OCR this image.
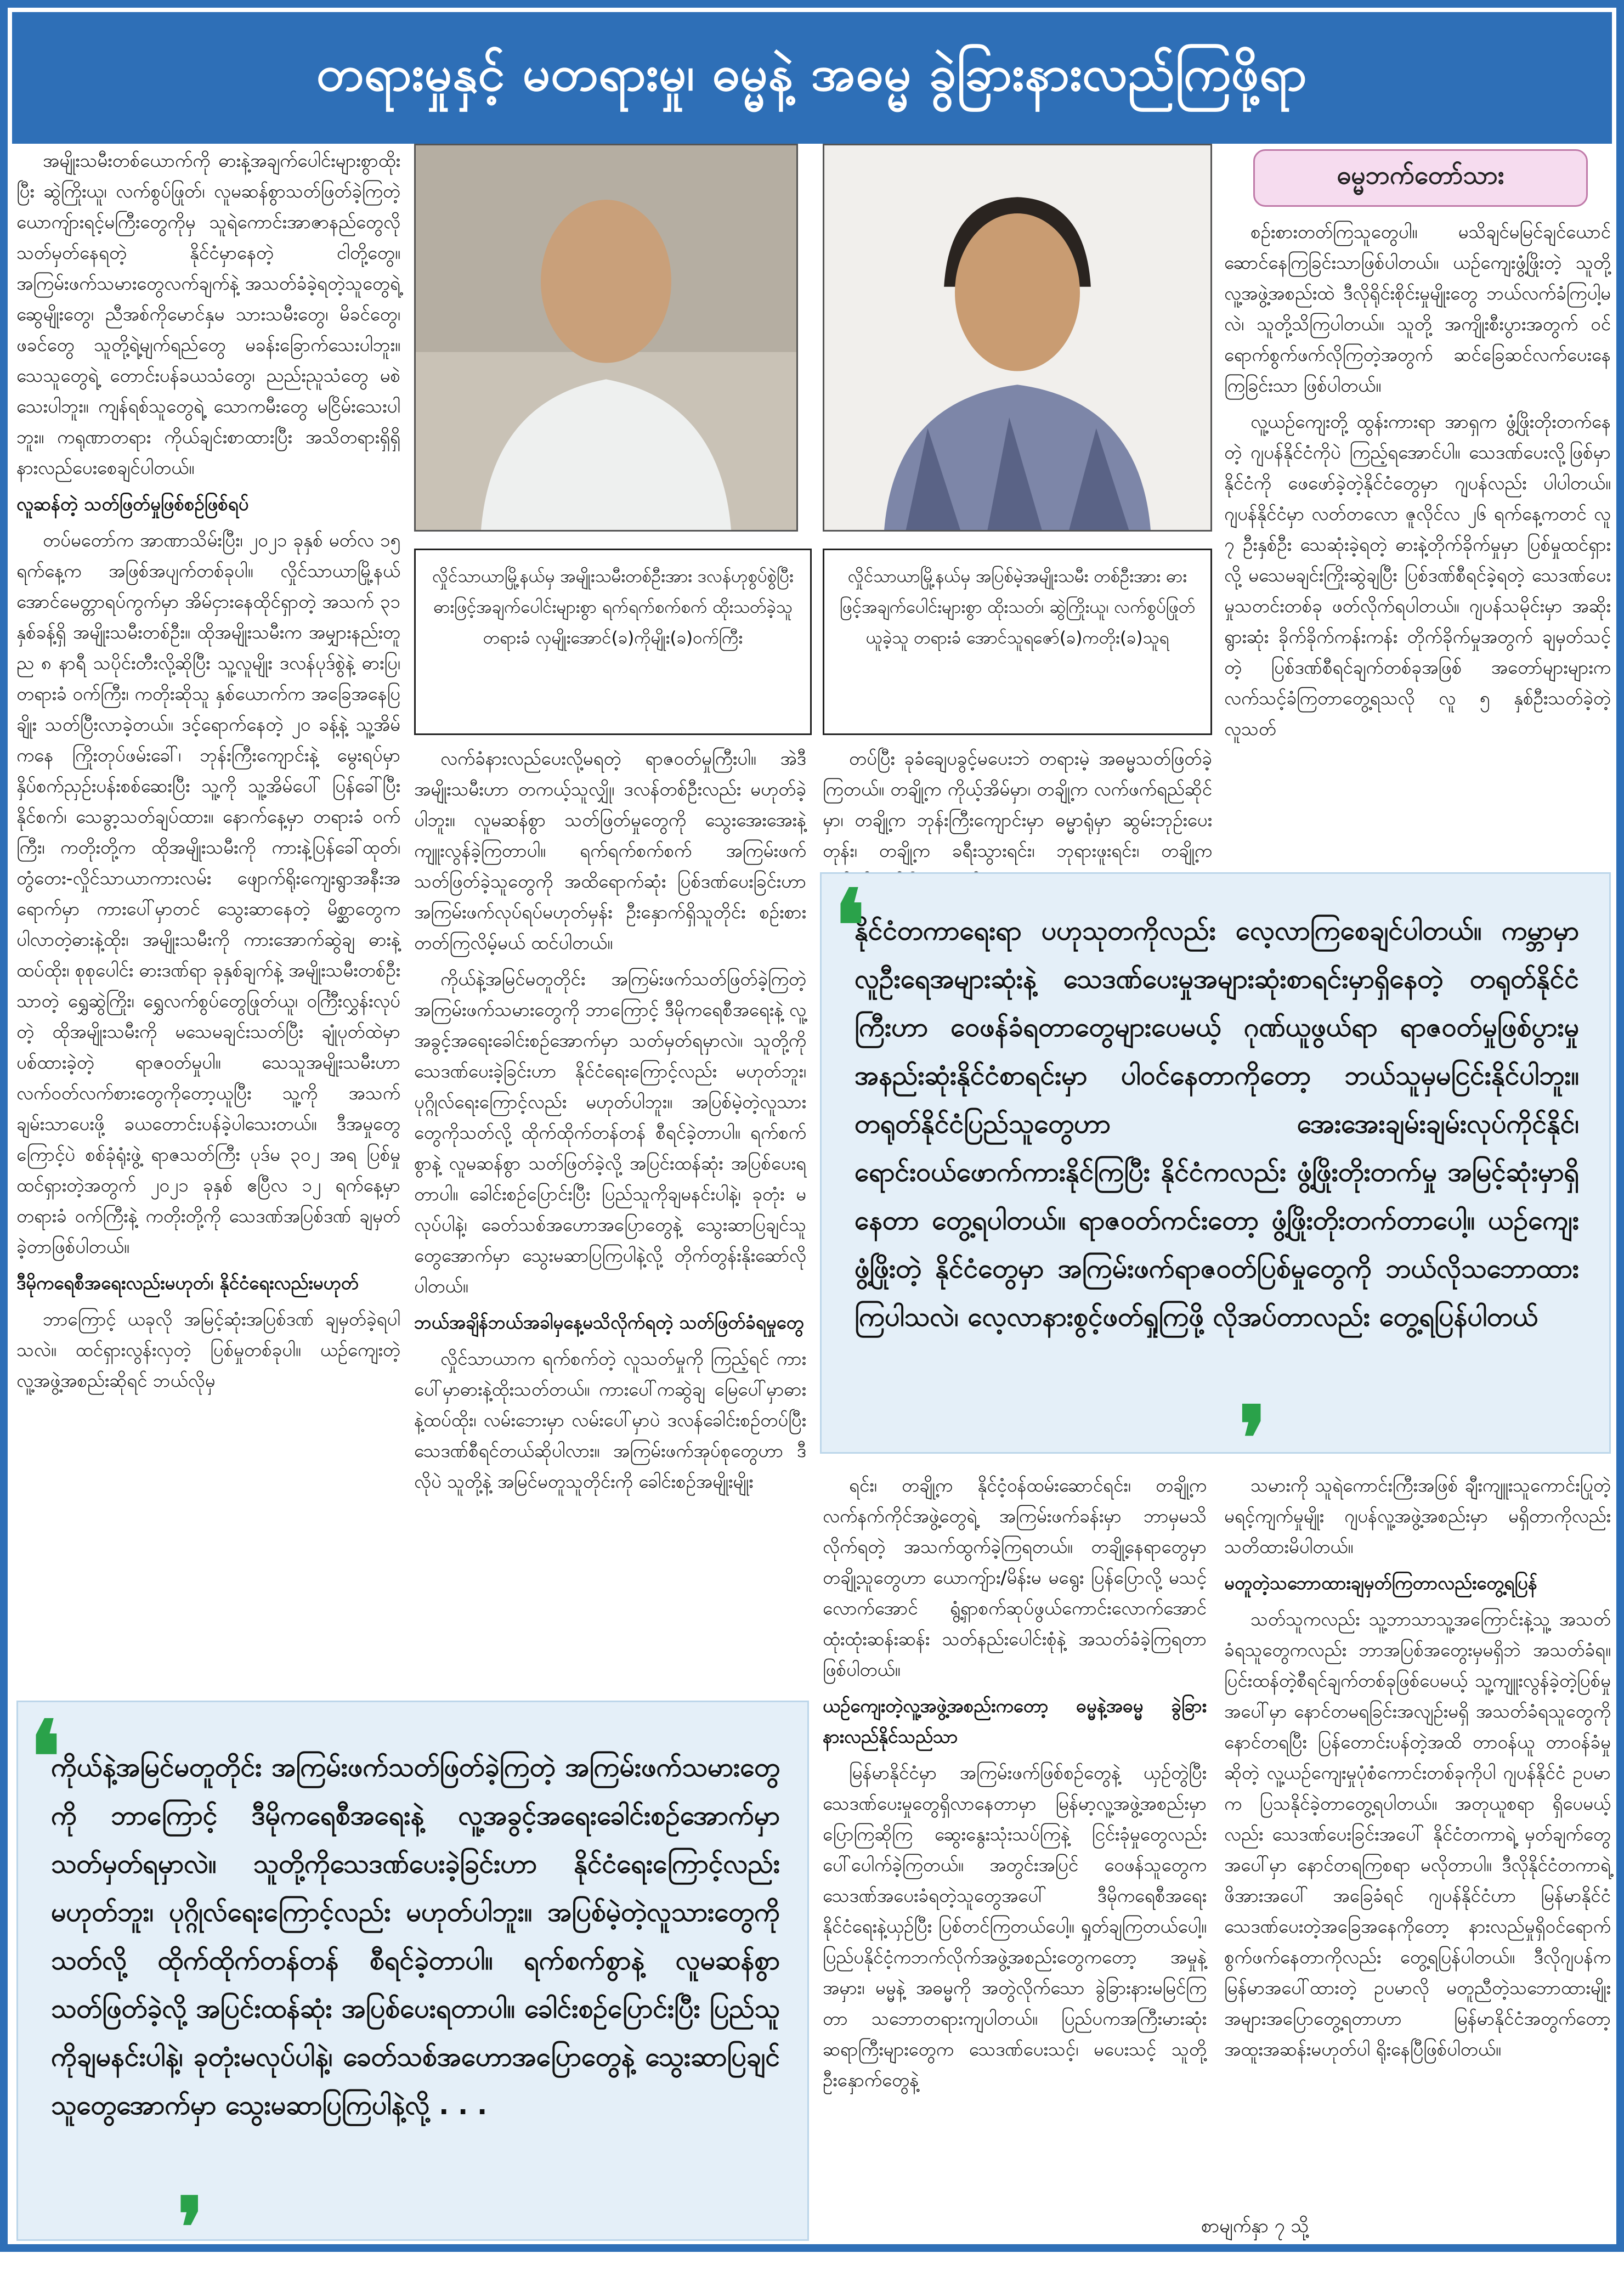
တရားမှုနှင့် မတရားမှု၊ ဓမ္မနဲ့ အဓမ္မ ခွဲခြားနားလည်ကြဖို့ရာ

အမျိုးသမီးတစ်ယောက်ကို ဓားနဲ့အချက်ပေါင်းများစွာထိုးပြီး ဆွဲကြိုးယူ၊ လက်စွပ်ဖြုတ်၊ လူမဆန်စွာသတ်ဖြတ်ခဲ့ကြတဲ့ ယောကျ်ားရင့်မကြီးတွေကိုမှ သူရဲကောင်းအာဇာနည်တွေလို သတ်မှတ်နေရတဲ့ နိုင်ငံမှာနေတဲ့ ငါတို့တွေ။ အကြမ်းဖက်သမားတွေလက်ချက်နဲ့ အသတ်ခံခဲ့ရတဲ့သူတွေရဲ့ ဆွေမျိုးတွေ၊ ညီအစ်ကိုမောင်နှမ သားသမီးတွေ၊ မိခင်တွေ၊ ဖခင်တွေ သူတို့ရဲ့မျက်ရည်တွေ မခန်းခြောက်သေးပါဘူး။ သေသူတွေရဲ့ တောင်းပန်ခယသံတွေ၊ ညည်းညူသံတွေ မစဲသေးပါဘူး။ ကျန်ရစ်သူတွေရဲ့ သောကမီးတွေ မငြိမ်းသေးပါဘူး။ ကရုဏာတရား ကိုယ်ချင်းစာထားပြီး အသိတရားရှိရှိ နားလည်ပေးစေချင်ပါတယ်။

လူဆန်တဲ့ သတ်ဖြတ်မှုဖြစ်စဉ်ဖြစ်ရပ်

တပ်မတော်က အာဏာသိမ်းပြီး၊ ၂၀၂၁ ခုနှစ် မတ်လ ၁၅ ရက်နေ့က အဖြစ်အပျက်တစ်ခုပါ။ လှိုင်သာယာမြို့နယ် အောင်မေတ္တာရပ်ကွက်မှာ အိမ်ငှားနေထိုင်ရှာတဲ့ အသက် ၃၁ နှစ်ခန့်ရှိ အမျိုးသမီးတစ်ဦး။ ထိုအမျိုးသမီးက အမျှားနည်းတူ ည ၈ နာရီ သပိုင်းတီးလို့ဆိုပြီး သူ့လူမျိုး ဒလန်ပုဒ်စွဲနဲ့ ဓားပြ၊ တရားခံ ဝက်ကြီး၊ ကတိုးဆိုသူ နှစ်ယောက်က အခြေအနေပြချိုး သတ်ပြီးလာခဲ့တယ်။ ဒင့်ရောက်နေတဲ့ ၂၀ ခန့်နဲ့ သူ့အိမ်ကနေ ကြိုးတုပ်ဖမ်းခေါ်၊ ဘုန်းကြီးကျောင်းနဲ့ မွေးရပ်မှာ နှိပ်စက်ညှဉ်းပန်းစစ်ဆေးပြီး သူ့ကို သူ့အိမ်ပေါ် ပြန်ခေါ်ပြီးနိုင်စက်၊ သေခွာ့သတ်ချပ်ထား။ နောက်နေ့မှာ တရားခံ ဝက်ကြီး၊ ကတိုးတို့က ထိုအမျိုးသမီးကို ကားနဲ့ပြန်ခေါ်ထုတ်၊ တွံတေး-လှိုင်သာယာကားလမ်း ဖျောက်ရိုးကျေးရွာအနီးအရောက်မှာ ကားပေါ်မှာတင် သွေးဆာနေတဲ့ မိစ္ဆာတွေက ပါလာတဲ့ဓားနဲ့ထိုး၊ အမျိုးသမီးကို ကားအောက်ဆွဲချ ဓားနဲ့ထပ်ထိုး၊ စုစုပေါင်း ဓားဒဏ်ရာ ခုနှစ်ချက်နဲ့ အမျိုးသမီးတစ်ဦးသာတဲ့ ရွှေဆွဲကြိုး၊ ရွှေလက်စွပ်တွေဖြုတ်ယူ၊ ဝင်္ကြီးလွှန်းလုပ်တဲ့ ထိုအမျိုးသမီးကို မသေမချင်းသတ်ပြီး ချုံပုတ်ထဲမှာ ပစ်ထားခဲ့တဲ့ ရာဇဝတ်မှုပါ။ သေသူအမျိုးသမီးဟာ လက်ဝတ်လက်စားတွေကိုတော့ယူပြီး သူ့ကို အသက်ချမ်းသာပေးဖို့ ခယတောင်းပန်ခဲ့ပါသေးတယ်။ ဒီအမှုတွေကြောင့်ပဲ စစ်ခုံရုံးဖွဲ့ ရာဇသတ်ကြီး ပုဒ်မ ၃၀၂ အရ ပြစ်မှုထင်ရှားတဲ့အတွက် ၂၀၂၁ ခုနှစ် ဧပြီလ ၁၂ ရက်နေ့မှာ တရားခံ ဝက်ကြီးနဲ့ ကတိုးတို့ကို သေဒဏ်အပြစ်ဒဏ် ချမှတ်ခဲ့တာဖြစ်ပါတယ်။

ဒီမိုကရေစီအရေးလည်းမဟုတ်၊ နိုင်ငံရေးလည်းမဟုတ်

ဘာကြောင့် ယခုလို အမြင့်ဆုံးအပြစ်ဒဏ် ချမှတ်ခဲ့ရပါသလဲ။ ထင်ရှားလွန်းလှတဲ့ ပြစ်မှုတစ်ခုပါ။ ယဉ်ကျေးတဲ့ လူ့အဖွဲ့အစည်းဆိုရင် ဘယ်လိုမှ

လှိုင်သာယာမြို့နယ်မှ အမျိုးသမီးတစ်ဦးအား ဒလန်ဟုစွပ်စွဲပြီး ဓားဖြင့်အချက်ပေါင်းများစွာ ရက်ရက်စက်စက် ထိုးသတ်ခဲ့သူ တရားခံ လှမျိုးအောင်(ခ)ကိုမျိုး(ခ)ဝက်ကြီး
လှိုင်သာယာမြို့နယ်မှ အပြစ်မဲ့အမျိုးသမီး တစ်ဦးအား ဓားဖြင့်အချက်ပေါင်းများစွာ ထိုးသတ်၊ ဆွဲကြိုးယူ၊ လက်စွပ်ဖြုတ်ယူခဲ့သူ တရားခံ အောင်သူရဇော်(ခ)ကတိုး(ခ)သူရ
ဓမ္မဘက်တော်သား

စဉ်းစားတတ်ကြသူတွေပါ။ မသိချင်မမြင်ချင်ယောင်ဆောင်နေကြခြင်းသာဖြစ်ပါတယ်။ ယဉ်ကျေးဖွံ့ဖြိုးတဲ့ သူတို့လူ့အဖွဲ့အစည်းထဲ ဒီလိုရိုင်းစိုင်းမှုမျိုးတွေ ဘယ်လက်ခံကြပါ့မလဲ၊ သူတို့သိကြပါတယ်။ သူတို့ အကျိုးစီးပွားအတွက် ဝင်ရောက်စွက်ဖက်လိုကြတဲ့အတွက် ဆင်ခြေဆင်လက်ပေးနေကြခြင်းသာ ဖြစ်ပါတယ်။

လူ့ယဉ်ကျေးတို့ ထွန်းကားရာ အာရှက ဖွံ့ဖြိုးတိုးတက်နေတဲ့ ဂျပန်နိုင်ငံကိုပဲ ကြည့်ရအောင်ပါ။ သေဒဏ်ပေးလို့ဖြစ်မှာနိုင်ငံကို ဖေဖော်ခဲ့တဲ့နိုင်ငံတွေမှာ ဂျပန်လည်း ပါပါတယ်။ ဂျပန်နိုင်ငံမှာ လတ်တလော ဇူလိုင်လ ၂၆ ရက်နေ့ကတင် လူ ၇ ဦးနှစ်ဦး သေဆုံးခဲ့ရတဲ့ ဓားနဲ့တိုက်ခိုက်မှုမှာ ပြစ်မှုထင်ရှားလို့ မသေမချင်းကြိုးဆွဲချပြီး ပြစ်ဒဏ်စီရင်ခဲ့ရတဲ့ သေဒဏ်ပေးမှုသတင်းတစ်ခု ဖတ်လိုက်ရပါတယ်။ ဂျပန်သမိုင်းမှာ အဆိုးရွားဆုံး ခိုက်ခိုက်ကန်းကန်း တိုက်ခိုက်မှုအတွက် ချမှတ်သင့်တဲ့ ပြစ်ဒဏ်စီရင်ချက်တစ်ခုအဖြစ် အတော်များများက လက်သင့်ခံကြတာတွေ့ရသလို လူ ၅ နှစ်ဦးသတ်ခဲ့တဲ့ လူသတ်

လက်ခံနားလည်ပေးလို့မရတဲ့ ရာဇဝတ်မှုကြီးပါ။ အဲဒီအမျိုးသမီးဟာ တကယ့်သူလျှို၊ ဒလန်တစ်ဦးလည်း မဟုတ်ခဲ့ပါဘူး။ လူမဆန်စွာ သတ်ဖြတ်မှုတွေကို သွေးအေးအေးနဲ့ ကျူးလွန်ခဲ့ကြတာပါ။ ရက်ရက်စက်စက် အကြမ်းဖက်သတ်ဖြတ်ခဲ့သူတွေကို အထိရောက်ဆုံး ပြစ်ဒဏ်ပေးခြင်းဟာ အကြမ်းဖက်လုပ်ရပ်မဟုတ်မှန်း ဦးနှောက်ရှိသူတိုင်း စဉ်းစားတတ်ကြလိမ့်မယ် ထင်ပါတယ်။

ကိုယ်နဲ့အမြင်မတူတိုင်း အကြမ်းဖက်သတ်ဖြတ်ခဲ့ကြတဲ့ အကြမ်းဖက်သမားတွေကို ဘာကြောင့် ဒီမိုကရေစီအရေးနဲ့ လူ့အခွင့်အရေးခေါင်းစဉ်အောက်မှာ သတ်မှတ်ရမှာလဲ။ သူတို့ကို သေဒဏ်ပေးခဲ့ခြင်းဟာ နိုင်ငံရေးကြောင့်လည်း မဟုတ်ဘူး၊ ပုဂ္ဂိုလ်ရေးကြောင့်လည်း မဟုတ်ပါဘူး။ အပြစ်မဲ့တဲ့လူသားတွေကိုသတ်လို့ ထိုက်ထိုက်တန်တန် စီရင်ခဲ့တာပါ။ ရက်စက်စွာနဲ့ လူမဆန်စွာ သတ်ဖြတ်ခဲ့လို့ အပြင်းထန်ဆုံး အပြစ်ပေးရတာပါ။ ခေါင်းစဉ်ပြောင်းပြီး ပြည်သူကိုချမနင်းပါနဲ့၊ ခုတုံး မလုပ်ပါနဲ့၊ ခေတ်သစ်အဟောအပြောတွေနဲ့ သွေးဆာပြချင်သူတွေအောက်မှာ သွေးမဆာပြကြပါနဲ့လို့ တိုက်တွန်းနိုးဆော်လိုပါတယ်။

ဘယ်အချိန်ဘယ်အခါမှနေ့မသိလိုက်ရတဲ့ သတ်ဖြတ်ခံရမှုတွေ

လှိုင်သာယာက ရက်စက်တဲ့ လူသတ်မှုကို ကြည့်ရင် ကားပေါ်မှာဓားနဲ့ထိုးသတ်တယ်။ ကားပေါ်ကဆွဲချ မြေပေါ်မှာဓားနဲ့ထပ်ထိုး၊ လမ်းဘေးမှာ လမ်းပေါ်မှာပဲ ဒလန်ခေါင်းစဉ်တပ်ပြီး သေဒဏ်စီရင်တယ်ဆိုပါလား။ အကြမ်းဖက်အုပ်စုတွေဟာ ဒီလိုပဲ သူတို့နဲ့ အမြင်မတူသူတိုင်းကို ခေါင်းစဉ်အမျိုးမျိုး

တပ်ပြီး ခုခံချေပခွင့်မပေးဘဲ တရားမဲ့ အဓမ္မသတ်ဖြတ်ခဲ့ကြတယ်။ တချို့က ကိုယ့်အိမ်မှာ၊ တချို့က လက်ဖက်ရည်ဆိုင်မှာ၊ တချို့က ဘုန်းကြီးကျောင်းမှာ ဓမ္မာရုံမှာ ဆွမ်းဘုဉ်းပေးတုန်း၊ တချို့က ခရီးသွားရင်း၊ ဘုရားဖူးရင်း၊ တချို့က

❛
နိုင်ငံတကာရေးရာ ပဟုသုတကိုလည်း လေ့လာကြစေချင်ပါတယ်။ ကမ္ဘာမှာလူဦးရေအများဆုံးနဲ့ သေဒဏ်ပေးမှုအများဆုံးစာရင်းမှာရှိနေတဲ့ တရုတ်နိုင်ငံကြီးဟာ ဝေဖန်ခံရတာတွေများပေမယ့် ဂုဏ်ယူဖွယ်ရာ ရာဇဝတ်မှုဖြစ်ပွားမှု အနည်းဆုံးနိုင်ငံစာရင်းမှာ ပါဝင်နေတာကိုတော့ ဘယ်သူမှမငြင်းနိုင်ပါဘူး။ တရုတ်နိုင်ငံပြည်သူတွေဟာ အေးအေးချမ်းချမ်းလုပ်ကိုင်နိုင်၊ ရောင်းဝယ်ဖောက်ကားနိုင်ကြပြီး နိုင်ငံကလည်း ဖွံ့ဖြိုးတိုးတက်မှု အမြင့်ဆုံးမှာရှိနေတာ တွေ့ရပါတယ်။ ရာဇဝတ်ကင်းတော့ ဖွံ့ဖြိုးတိုးတက်တာပေါ့။ ယဉ်ကျေးဖွံ့ဖြိုးတဲ့ နိုင်ငံတွေမှာ အကြမ်းဖက်ရာဇဝတ်ပြစ်မှုတွေကို ဘယ်လိုသဘောထားကြပါသလဲ၊ လေ့လာနားစွင့်ဖတ်ရှုကြဖို့ လိုအပ်တာလည်း တွေ့ရပြန်ပါတယ်
❜

ရင်း၊ တချို့က နိုင်ငံ့ဝန်ထမ်းဆောင်ရင်း၊ တချို့က လက်နက်ကိုင်အဖွဲ့တွေရဲ့ အကြမ်းဖက်ခန်းမှာ ဘာမှမသိလိုက်ရတဲ့ အသက်ထွက်ခဲ့ကြရတယ်။ တချို့နေရာတွေမှာ တချို့သူတွေဟာ ယောကျ်ား/မိန်းမ မရွေး ပြန်ပြောလို့ မသင့်လောက်အောင် ရွံ့ရှာစက်ဆုပ်ဖွယ်ကောင်းလောက်အောင် ထုံးထုံးဆန်းဆန်း သတ်နည်းပေါင်းစုံနဲ့ အသတ်ခံခဲ့ကြရတာ ဖြစ်ပါတယ်။

ယဉ်ကျေးတဲ့လူ့အဖွဲ့အစည်းကတော့ ဓမ္မနဲ့အဓမ္မ ခွဲခြားနားလည်နိုင်သည်သာ

မြန်မာနိုင်ငံမှာ အကြမ်းဖက်ဖြစ်စဉ်တွေနဲ့ ယှဉ်တွဲပြီး သေဒဏ်ပေးမှုတွေရှိလာနေတာမှာ မြန်မာ့လူ့အဖွဲ့အစည်းမှာ ပြောကြဆိုကြ ဆွေးနွေးသုံးသပ်ကြနဲ့ ငြင်းခုံမှုတွေလည်း ပေါ်ပေါက်ခဲ့ကြတယ်။ အတွင်းအပြင် ဝေဖန်သူတွေက သေဒဏ်အပေးခံရတဲ့သူတွေအပေါ် ဒီမိုကရေစီအရေး နိုင်ငံရေးနဲ့ယှဉ်ပြီး ပြစ်တင်ကြတယ်ပေါ့။ ရှုတ်ချကြတယ်ပေါ့။ ပြည်ပနိုင်ငံ့ကဘက်လိုက်အဖွဲ့အစည်းတွေကတော့ အမှုနဲ့ အမှား၊ မမ္မနဲ့ အဓမ္မကို အတွဲလိုက်သော ခွဲခြားနားမမြင်ကြတာ သဘောတရားကျပါတယ်။ ပြည်ပကအကြီးမားဆုံးဆရာကြီးများတွေက သေဒဏ်ပေးသင့်၊ မပေးသင့် သူတို့ဦးနှောက်တွေနဲ့

သမားကို သူရဲကောင်းကြီးအဖြစ် ချီးကျူးသူကောင်းပြုတဲ့ မရင့်ကျက်မှုမျိုး ဂျပန်လူ့အဖွဲ့အစည်းမှာ မရှိတာကိုလည်း သတိထားမိပါတယ်။

မတူတဲ့သဘောထားချမှတ်ကြတာလည်းတွေ့ရပြန်

သတ်သူကလည်း သူ့ဘာသာသူ့အကြောင်းနဲ့သူ့ အသတ်ခံရသူတွေကလည်း ဘာအပြစ်အတွေးမှမရှိဘဲ အသတ်ခံရ။ ပြင်းထန်တဲ့စီရင်ချက်တစ်ခုဖြစ်ပေမယ့် သူ့ကျူးလွန်ခဲ့တဲ့ပြစ်မှုအပေါ်မှာ နောင်တမရခြင်းအလျဉ်းမရှိ အသတ်ခံရသူတွေကို နောင်တရပြီး ပြန်တောင်းပန်တဲ့အထိ တာဝန်ယူ တာဝန်ခံမှုဆိုတဲ့ လူ့ယဉ်ကျေးမှုပုံစံကောင်းတစ်ခုကိုပါ ဂျပန်နိုင်ငံ ဥပမာက ပြသနိုင်ခဲ့တာတွေ့ရပါတယ်။ အတုယူစရာ ရှိပေမယ့်လည်း သေဒဏ်ပေးခြင်းအပေါ် နိုင်ငံတကာရဲ့ မှတ်ချက်တွေအပေါ်မှာ နောင်တရကြစရာ မလိုတာပါ။ ဒီလိုနိုင်ငံတကာရဲ့ ဖိအားအပေါ် အခြေခံရင် ဂျပန်နိုင်ငံဟာ မြန်မာနိုင်ငံ သေဒဏ်ပေးတဲ့အခြေအနေကိုတော့ နားလည်မှုရှိဝင်ရောက်စွက်ဖက်နေတာကိုလည်း တွေ့ရပြန်ပါတယ်။ ဒီလိုဂျပန်က မြန်မာအပေါ်ထားတဲ့ ဥပမာလို မတူညီတဲ့သဘောထားမျိုး အများအပြောတွေ့ရတာဟာ မြန်မာနိုင်ငံအတွက်တော့ အထူးအဆန်းမဟုတ်ပါ ရိုးနေပြီဖြစ်ပါတယ်။

❛
ကိုယ်နဲ့အမြင်မတူတိုင်း အကြမ်းဖက်သတ်ဖြတ်ခဲ့ကြတဲ့ အကြမ်းဖက်သမားတွေကို ဘာကြောင့် ဒီမိုကရေစီအရေးနဲ့ လူ့အခွင့်အရေးခေါင်းစဉ်အောက်မှာ သတ်မှတ်ရမှာလဲ။ သူတို့ကိုသေဒဏ်ပေးခဲ့ခြင်းဟာ နိုင်ငံရေးကြောင့်လည်းမဟုတ်ဘူး၊ ပုဂ္ဂိုလ်ရေးကြောင့်လည်း မဟုတ်ပါဘူး။ အပြစ်မဲ့တဲ့လူသားတွေကိုသတ်လို့ ထိုက်ထိုက်တန်တန် စီရင်ခဲ့တာပါ။ ရက်စက်စွာနဲ့ လူမဆန်စွာသတ်ဖြတ်ခဲ့လို့ အပြင်းထန်ဆုံး အပြစ်ပေးရတာပါ။ ခေါင်းစဉ်ပြောင်းပြီး ပြည်သူကိုချမနင်းပါနဲ့၊ ခုတုံးမလုပ်ပါနဲ့၊ ခေတ်သစ်အဟောအပြောတွေနဲ့ သွေးဆာပြချင်သူတွေအောက်မှာ သွေးမဆာပြကြပါနဲ့လို့ . . .
❜	စာမျက်နှာ ၇ သို့
